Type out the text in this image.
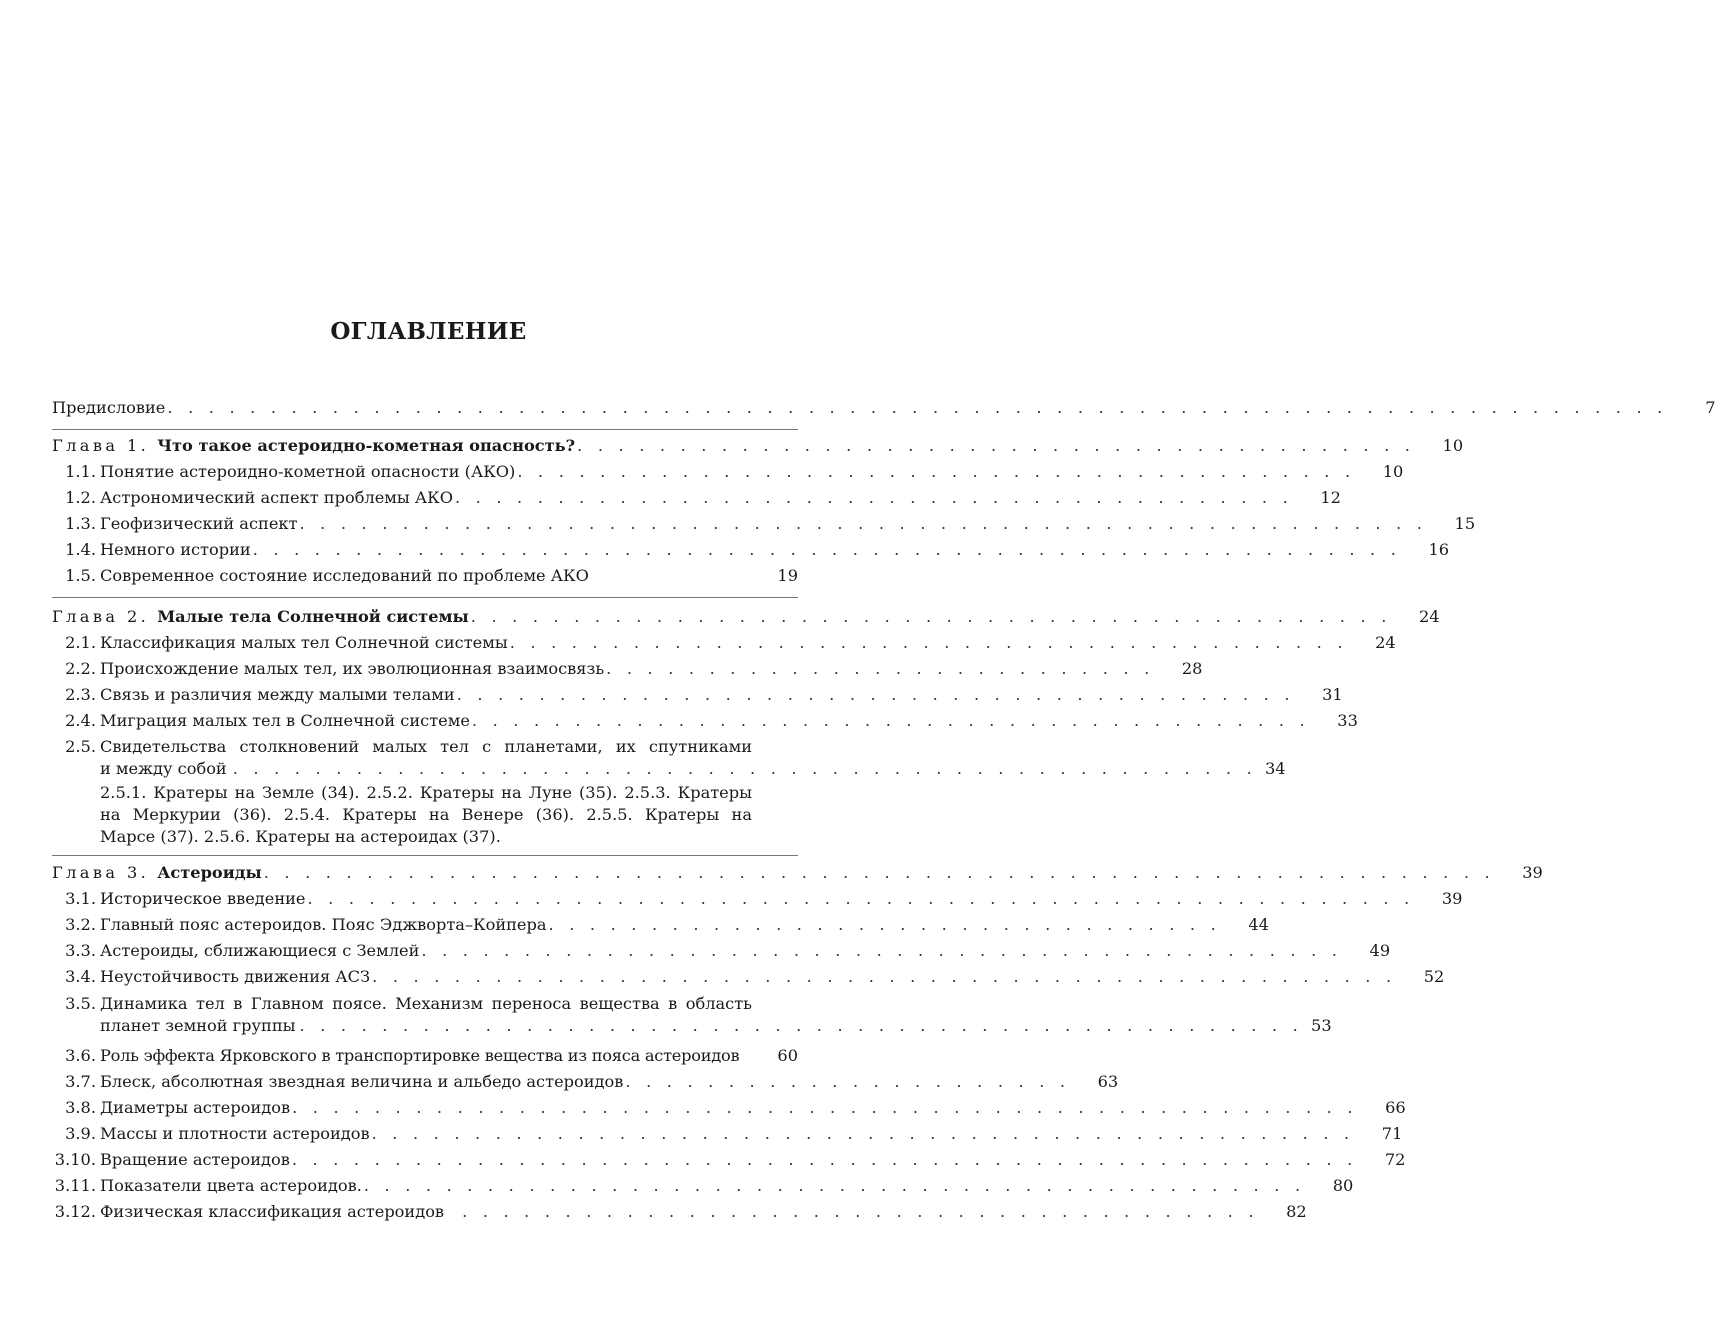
ОГЛАВЛЕНИЕ
Предисловие . . . . . . . . . . . . . . . . . . . . . . . . . . . . . . . . . . . . . . . . . . . . . . . . . . . . . . . . . . . . . . . . . . . . . . . . .	7
Глава 1. Что такое астероидно-кометная опасность? . . . . . . . . . . . . . . . . . . . . . . . . . . . . . . . . . . . . . . . . .	10
1.1. Понятие астероидно-кометной опасности (АКО) . . . . . . . . . . . . . . . . . . . . . . . . . . . . . . . . . . . . . . . . .	10
1.2. Астрономический аспект проблемы АКО . . . . . . . . . . . . . . . . . . . . . . . . . . . . . . . . . . . . . . . . .	12
1.3. Геофизический аспект . . . . . . . . . . . . . . . . . . . . . . . . . . . . . . . . . . . . . . . . . . . . . . . . . . . . . . .	15
1.4. Немного истории . . . . . . . . . . . . . . . . . . . . . . . . . . . . . . . . . . . . . . . . . . . . . . . . . . . . . . . .	16
1.5. Современное состояние исследований по проблеме АКО	19
Глава 2. Малые тела Солнечной системы . . . . . . . . . . . . . . . . . . . . . . . . . . . . . . . . . . . . . . . . . . . . .	24
2.1. Классификация малых тел Солнечной системы . . . . . . . . . . . . . . . . . . . . . . . . . . . . . . . . . . . . . . . . .	24
2.2. Происхождение малых тел, их эволюционная взаимосвязь . . . . . . . . . . . . . . . . . . . . . . . . . . .	28
2.3. Связь и различия между малыми телами . . . . . . . . . . . . . . . . . . . . . . . . . . . . . . . . . . . . . . . . .	31
2.4. Миграция малых тел в Солнечной системе . . . . . . . . . . . . . . . . . . . . . . . . . . . . . . . . . . . . . . . . .	33
2.5. Свидетельства столкновений малых тел с планетами, их спутниками
и между собой . . . . . . . . . . . . . . . . . . . . . . . . . . . . . . . . . . . . . . . . . . . . . . . . . . 34
2.5.1. Кратеры на Земле (34). 2.5.2. Кратеры на Луне (35). 2.5.3. Кратеры
на Меркурии (36). 2.5.4. Кратеры на Венере (36). 2.5.5. Кратеры на
Марсе (37). 2.5.6. Кратеры на астероидах (37).
Глава 3. Астероиды . . . . . . . . . . . . . . . . . . . . . . . . . . . . . . . . . . . . . . . . . . . . . . . . . . . . . . . . . . . .	39
3.1. Историческое введение . . . . . . . . . . . . . . . . . . . . . . . . . . . . . . . . . . . . . . . . . . . . . . . . . . . . . .	39
3.2. Главный пояс астероидов. Пояс Эджворта–Койпера . . . . . . . . . . . . . . . . . . . . . . . . . . . . . . . . .	44
3.3. Астероиды, сближающиеся с Землей . . . . . . . . . . . . . . . . . . . . . . . . . . . . . . . . . . . . . . . . . . . . .	49
3.4. Неустойчивость движения АСЗ . . . . . . . . . . . . . . . . . . . . . . . . . . . . . . . . . . . . . . . . . . . . . . . . . .	52
3.5. Динамика тел в Главном поясе. Механизм переноса вещества в область
планет земной группы . . . . . . . . . . . . . . . . . . . . . . . . . . . . . . . . . . . . . . . . . . . . . . . . . 53
3.6. Роль эффекта Ярковского в транспортировке вещества из пояса астероидов	60
3.7. Блеск, абсолютная звездная величина и альбедо астероидов . . . . . . . . . . . . . . . . . . . . . .	63
3.8. Диаметры астероидов . . . . . . . . . . . . . . . . . . . . . . . . . . . . . . . . . . . . . . . . . . . . . . . . . . . .	66
3.9. Массы и плотности астероидов . . . . . . . . . . . . . . . . . . . . . . . . . . . . . . . . . . . . . . . . . . . . . . . .	71
3.10. Вращение астероидов . . . . . . . . . . . . . . . . . . . . . . . . . . . . . . . . . . . . . . . . . . . . . . . . . . . .	72
3.11. Показатели цвета астероидов. . . . . . . . . . . . . . . . . . . . . . . . . . . . . . . . . . . . . . . . . . . . . . .	80
3.12. Физическая классификация астероидов . . . . . . . . . . . . . . . . . . . . . . . . . . . . . . . . . . . . . . .	82
